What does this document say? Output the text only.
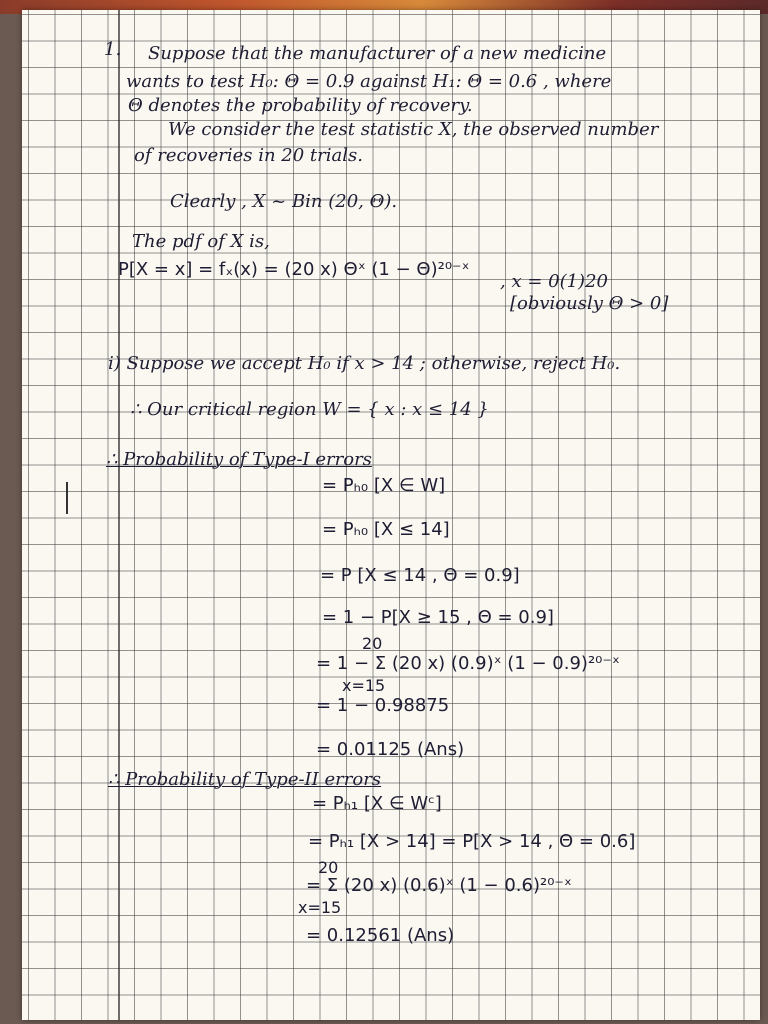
1. Suppose that the manufacturer of a new medicine
wants to test H₀: Θ = 0.9 against H₁: Θ = 0.6 , where
Θ denotes the probability of recovery.
We consider the test statistic X, the observed number
of recoveries in 20 trials.
Clearly , X ~ Bin (20, Θ).
The pdf of X is,
P[X = x] = fₓ(x) = (20 x) Θˣ (1 − Θ)²⁰⁻ˣ
, x = 0(1)20
[obviously Θ > 0]
i) Suppose we accept H₀ if x > 14 ; otherwise, reject H₀.
∴ Our critical region W = { x : x ≤ 14 }
∴ Probability of Type-I errors
= Pₕ₀ [X ∈ W]
= Pₕ₀ [X ≤ 14]
= P [X ≤ 14 , Θ = 0.9]
= 1 − P[X ≥ 15 , Θ = 0.9]
20
= 1 − Σ (20 x) (0.9)ˣ (1 − 0.9)²⁰⁻ˣ
x=15
= 1 − 0.98875
= 0.01125 (Ans)
∴ Probability of Type-II errors
= Pₕ₁ [X ∈ Wᶜ]
= Pₕ₁ [X > 14] = P[X > 14 , Θ = 0.6]
20
= Σ (20 x) (0.6)ˣ (1 − 0.6)²⁰⁻ˣ
x=15
= 0.12561 (Ans)
